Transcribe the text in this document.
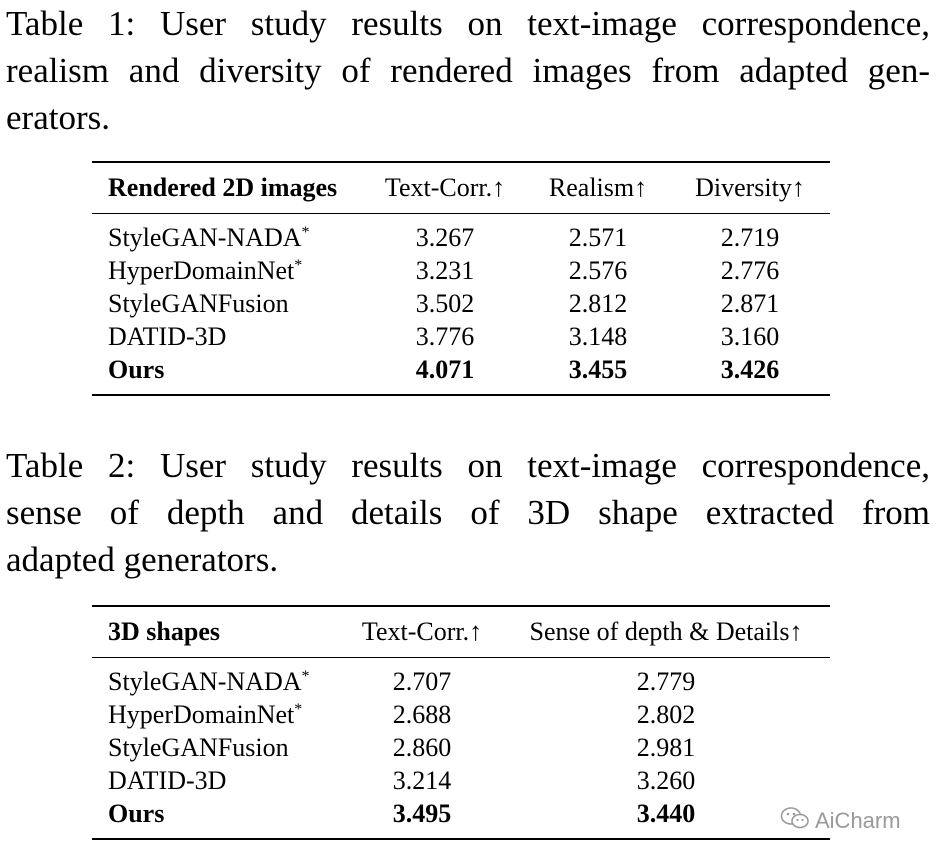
Table 1: User study results on text-image correspondence,
realism and diversity of rendered images from adapted gen-
erators.
Rendered 2D images	Text-Corr.↑	Realism↑	Diversity↑
StyleGAN-NADA*	3.267	2.571	2.719
HyperDomainNet*	3.231	2.576	2.776
StyleGANFusion	3.502	2.812	2.871
DATID-3D	3.776	3.148	3.160
Ours	4.071	3.455	3.426
Table 2: User study results on text-image correspondence,
sense of depth and details of 3D shape extracted from
adapted generators.
3D shapes	Text-Corr.↑	Sense of depth & Details↑
StyleGAN-NADA*	2.707	2.779
HyperDomainNet*	2.688	2.802
StyleGANFusion	2.860	2.981
DATID-3D	3.214	3.260
Ours	3.495	3.440	AiCharm
